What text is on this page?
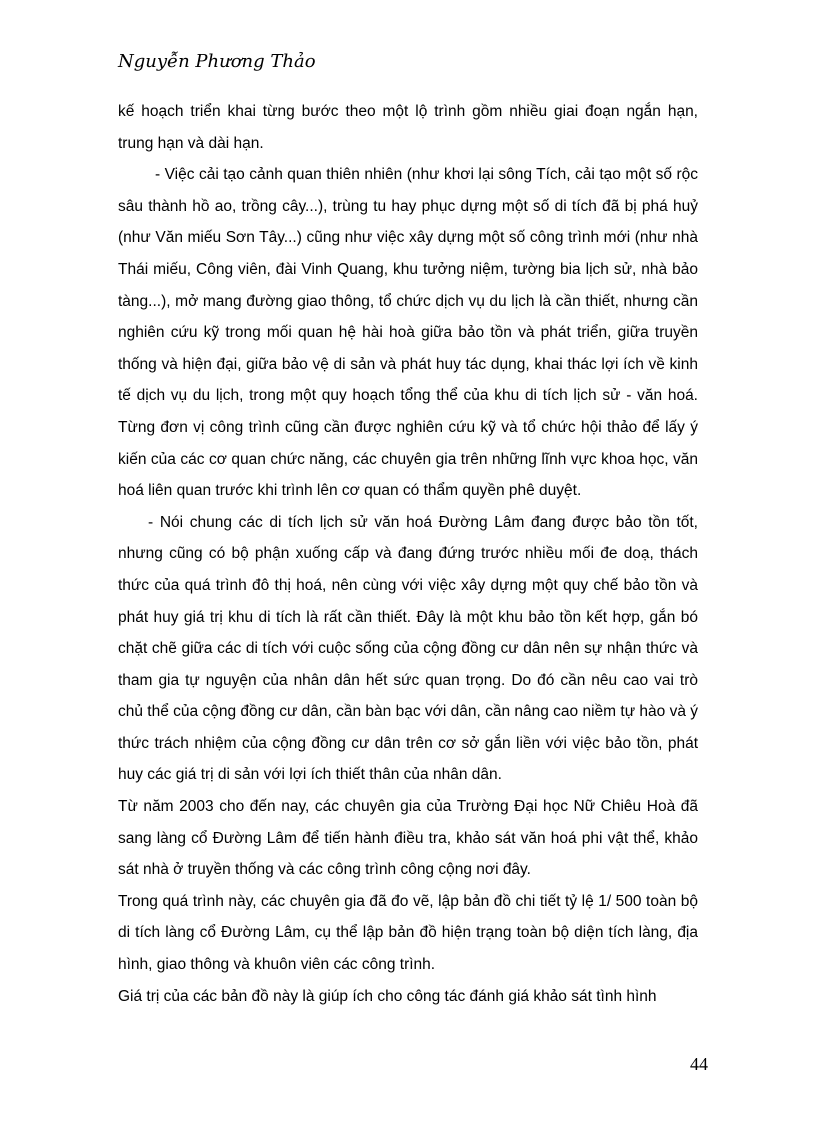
Nguyễn Phương Thảo

kế hoạch triển khai từng bước theo một lộ trình gồm nhiều giai đoạn ngắn hạn, trung hạn và dài hạn.

- Việc cải tạo cảnh quan thiên nhiên (như khơi lại sông Tích, cải tạo một số rộc sâu thành hồ ao, trồng cây...), trùng tu hay phục dựng một số di tích đã bị phá huỷ (như Văn miếu Sơn Tây...) cũng như việc xây dựng một số công trình mới (như nhà Thái miếu, Công viên, đài Vinh Quang, khu tưởng niệm, tường bia lịch sử, nhà bảo tàng...), mở mang đường giao thông, tổ chức dịch vụ du lịch là cần thiết, nhưng cần nghiên cứu kỹ trong mối quan hệ hài hoà giữa bảo tồn và phát triển, giữa truyền thống và hiện đại, giữa bảo vệ di sản và phát huy tác dụng, khai thác lợi ích về kinh tế dịch vụ du lịch, trong một quy hoạch tổng thể của khu di tích lịch sử - văn hoá. Từng đơn vị công trình cũng cần được nghiên cứu kỹ và tổ chức hội thảo để lấy ý kiến của các cơ quan chức năng, các chuyên gia trên những lĩnh vực khoa học, văn hoá liên quan trước khi trình lên cơ quan có thẩm quyền phê duyệt.

- Nói chung các di tích lịch sử văn hoá Đường Lâm đang được bảo tồn tốt, nhưng cũng có bộ phận xuống cấp và đang đứng trước nhiều mối đe doạ, thách thức của quá trình đô thị hoá, nên cùng với việc xây dựng một quy chế bảo tồn và phát huy giá trị khu di tích là rất cần thiết. Đây là một khu bảo tồn kết hợp, gắn bó chặt chẽ giữa các di tích với cuộc sống của cộng đồng cư dân nên sự nhận thức và tham gia tự nguyện của nhân dân hết sức quan trọng. Do đó cần nêu cao vai trò chủ thể của cộng đồng cư dân, cần bàn bạc với dân, cần nâng cao niềm tự hào và ý thức trách nhiệm của cộng đồng cư dân trên cơ sở gắn liền với việc bảo tồn, phát huy các giá trị di sản với lợi ích thiết thân của nhân dân.

Từ năm 2003 cho đến nay, các chuyên gia của Trường Đại học Nữ Chiêu Hoà đã sang làng cổ Đường Lâm để tiến hành điều tra, khảo sát văn hoá phi vật thể, khảo sát nhà ở truyền thống và các công trình công cộng nơi đây.

Trong quá trình này, các chuyên gia đã đo vẽ, lập bản đồ chi tiết tỷ lệ 1/ 500 toàn bộ di tích làng cổ Đường Lâm, cụ thể lập bản đồ hiện trạng toàn bộ diện tích làng, địa hình, giao thông và khuôn viên các công trình.

Giá trị của các bản đồ này là giúp ích cho công tác đánh giá khảo sát tình hình

44
